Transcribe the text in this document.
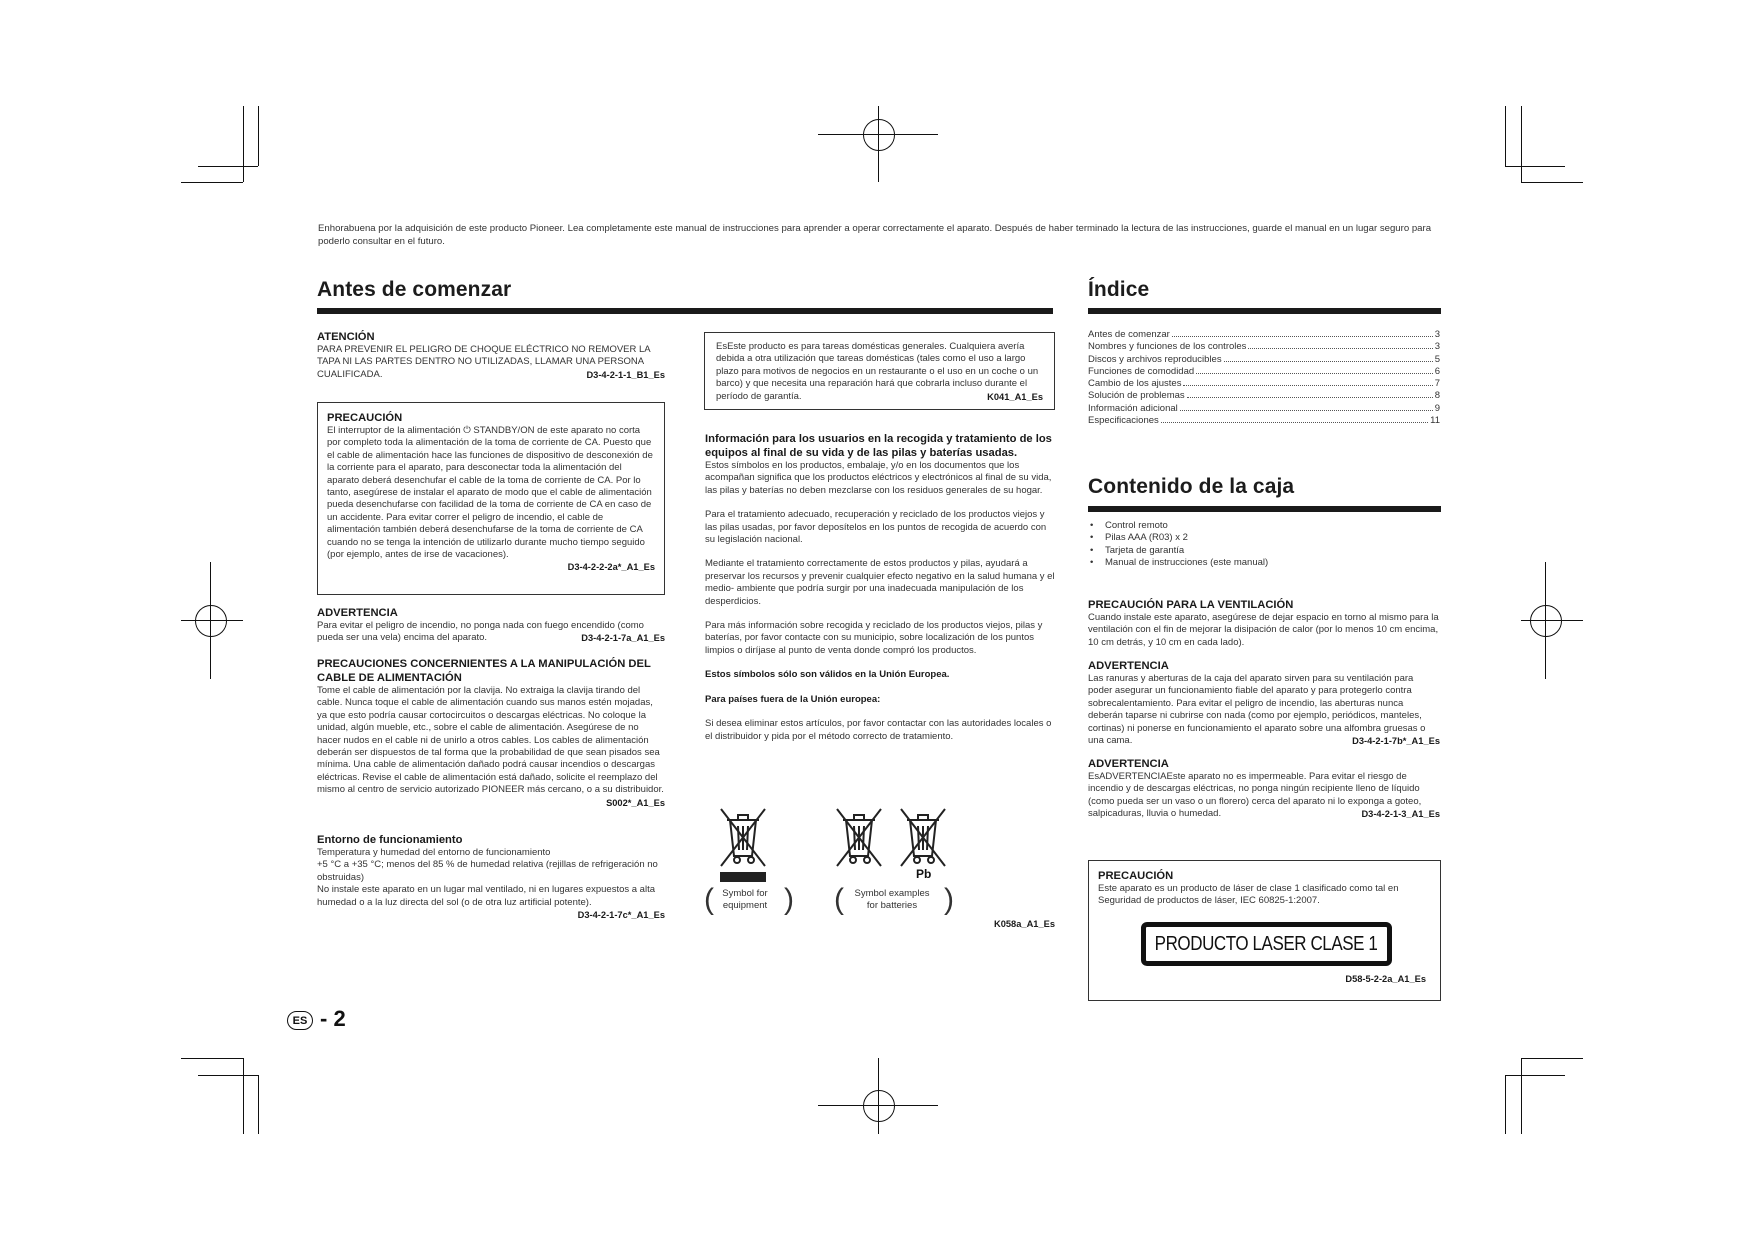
Enhorabuena por la adquisición de este producto Pioneer. Lea completamente este manual de instrucciones para aprender a operar correctamente el aparato. Después de haber terminado la lectura de las instrucciones, guarde el manual en un lugar seguro para poderlo consultar en el futuro.

Antes de comenzar
ATENCIÓN

PARA PREVENIR EL PELIGRO DE CHOQUE ELÉCTRICO NO REMOVER LA TAPA NI LAS PARTES DENTRO NO UTILIZADAS, LLAMAR UNA PERSONA CUALIFICADA.	D3-4-2-1-1_B1_Es

PRECAUCIÓN

El interruptor de la alimentación ⏻ STANDBY/ON de este aparato no corta por completo toda la alimentación de la toma de corriente de CA. Puesto que el cable de alimentación hace las funciones de dispositivo de desconexión de la corriente para el aparato, para desconectar toda la alimentación del aparato deberá desenchufar el cable de la toma de corriente de CA. Por lo tanto, asegúrese de instalar el aparato de modo que el cable de alimentación pueda desenchufarse con facilidad de la toma de corriente de CA en caso de un accidente. Para evitar correr el peligro de incendio, el cable de alimentación también deberá desenchufarse de la toma de corriente de CA cuando no se tenga la intención de utilizarlo durante mucho tiempo seguido (por ejemplo, antes de irse de vacaciones).

D3-4-2-2-2a*_A1_Es
ADVERTENCIA

Para evitar el peligro de incendio, no ponga nada con fuego encendido (como pueda ser una vela) encima del aparato.	D3-4-2-1-7a_A1_Es

PRECAUCIONES CONCERNIENTES A LA MANIPULACIÓN DEL CABLE DE ALIMENTACIÓN

Tome el cable de alimentación por la clavija. No extraiga la clavija tirando del cable. Nunca toque el cable de alimentación cuando sus manos estén mojadas, ya que esto podría causar cortocircuitos o descargas eléctricas. No coloque la unidad, algún mueble, etc., sobre el cable de alimentación. Asegúrese de no hacer nudos en el cable ni de unirlo a otros cables. Los cables de alimentación deberán ser dispuestos de tal forma que la probabilidad de que sean pisados sea mínima. Una cable de alimentación dañado podrá causar incendios o descargas eléctricas. Revise el cable de alimentación está dañado, solicite el reemplazo del mismo al centro de servicio autorizado PIONEER más cercano, o a su distribuidor.

S002*_A1_Es
Entorno de funcionamiento

Temperatura y humedad del entorno de funcionamiento
+5 °C a +35 °C; menos del 85 % de humedad relativa (rejillas de refrigeración no obstruidas)
No instale este aparato en un lugar mal ventilado, ni en lugares expuestos a alta humedad o a la luz directa del sol (o de otra luz artificial potente).

D3-4-2-1-7c*_A1_Es

EsEste producto es para tareas domésticas generales. Cualquiera avería debida a otra utilización que tareas domésticas (tales como el uso a largo plazo para motivos de negocios en un restaurante o el uso en un coche o un barco) y que necesita una reparación hará que cobrarla incluso durante el período de garantía.	K041_A1_Es

Información para los usuarios en la recogida y tratamiento de los equipos al final de su vida y de las pilas y baterías usadas.

Estos símbolos en los productos, embalaje, y/o en los documentos que los acompañan significa que los productos eléctricos y electrónicos al final de su vida, las pilas y baterías no deben mezclarse con los residuos generales de su hogar.

Para el tratamiento adecuado, recuperación y reciclado de los productos viejos y las pilas usadas, por favor deposítelos en los puntos de recogida de acuerdo con su legislación nacional.

Mediante el tratamiento correctamente de estos productos y pilas, ayudará a preservar los recursos y prevenir cualquier efecto negativo en la salud humana y el medio- ambiente que podría surgir por una inadecuada manipulación de los desperdicios.

Para más información sobre recogida y reciclado de los productos viejos, pilas y baterías, por favor contacte con su municipio, sobre localización de los puntos limpios o diríjase al punto de venta donde compró los productos.

Estos símbolos sólo son válidos en la Unión Europea.

Para países fuera de la Unión europea:

Si desea eliminar estos artículos, por favor contactar con las autoridades locales o el distribuidor y pida por el método correcto de tratamiento.

Pb
( Symbol for
equipment ) (	Symbol examples
for batteries )
K058a_A1_Es
Índice
Antes de comenzar	3
Nombres y funciones de los controles	3
Discos y archivos reproducibles	5
Funciones de comodidad	6
Cambio de los ajustes	7
Solución de problemas	8
Información adicional	9
Especificaciones	11
Contenido de la caja
• Control remoto
• Pilas AAA (R03) x 2
• Tarjeta de garantía
• Manual de instrucciones (este manual)
PRECAUCIÓN PARA LA VENTILACIÓN

Cuando instale este aparato, asegúrese de dejar espacio en torno al mismo para la ventilación con el fin de mejorar la disipación de calor (por lo menos 10 cm encima, 10 cm detrás, y 10 cm en cada lado).

ADVERTENCIA

Las ranuras y aberturas de la caja del aparato sirven para su ventilación para poder asegurar un funcionamiento fiable del aparato y para protegerlo contra sobrecalentamiento. Para evitar el peligro de incendio, las aberturas nunca deberán taparse ni cubrirse con nada (como por ejemplo, periódicos, manteles, cortinas) ni ponerse en funcionamiento el aparato sobre una alfombra gruesas o una cama.	D3-4-2-1-7b*_A1_Es

ADVERTENCIA

EsADVERTENCIAEste aparato no es impermeable. Para evitar el riesgo de incendio y de descargas eléctricas, no ponga ningún recipiente lleno de líquido (como pueda ser un vaso o un florero) cerca del aparato ni lo exponga a goteo, salpicaduras, lluvia o humedad.	D3-4-2-1-3_A1_Es

PRECAUCIÓN

Este aparato es un producto de láser de clase 1 clasificado como tal en Seguridad de productos de láser, IEC 60825-1:2007.

PRODUCTO LASER CLASE 1
D58-5-2-2a_A1_Es
ES - 2
